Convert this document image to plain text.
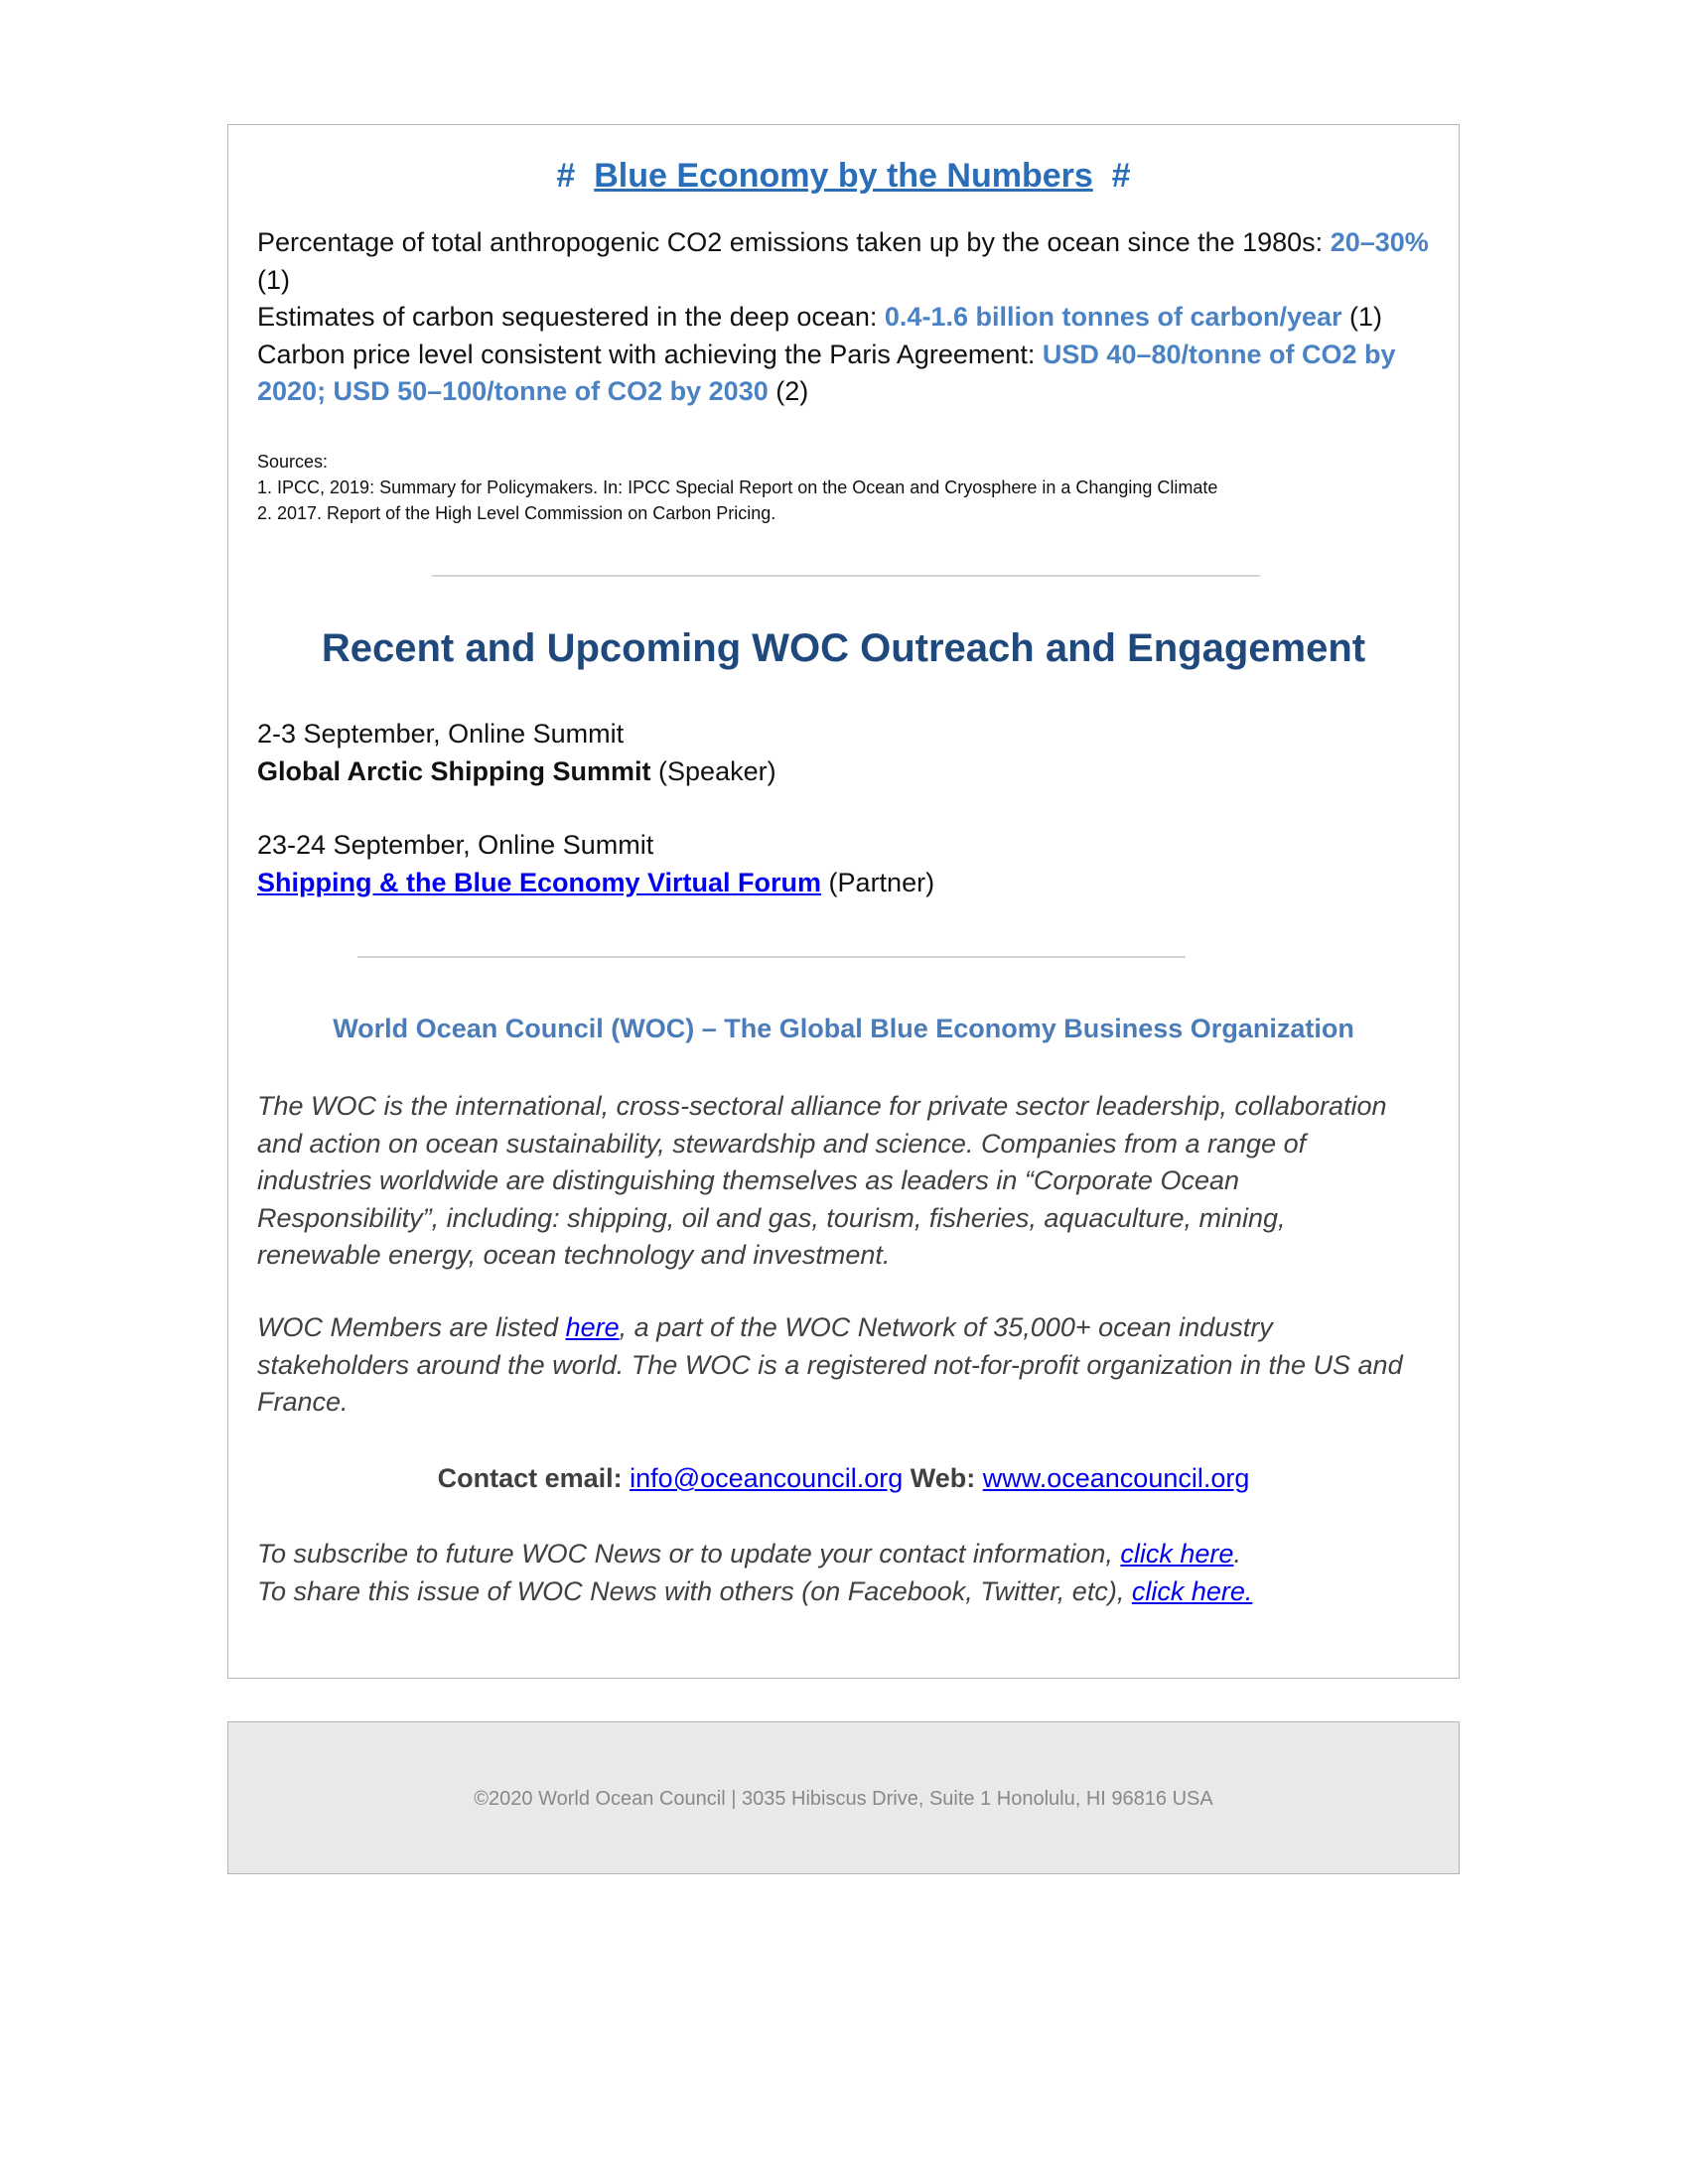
# Blue Economy by the Numbers #
Percentage of total anthropogenic CO2 emissions taken up by the ocean since the 1980s: 20–30% (1)
Estimates of carbon sequestered in the deep ocean: 0.4-1.6 billion tonnes of carbon/year (1)
Carbon price level consistent with achieving the Paris Agreement: USD 40–80/tonne of CO2 by 2020; USD 50–100/tonne of CO2 by 2030 (2)
Sources:
1. IPCC, 2019: Summary for Policymakers. In: IPCC Special Report on the Ocean and Cryosphere in a Changing Climate
2. 2017. Report of the High Level Commission on Carbon Pricing.
Recent and Upcoming WOC Outreach and Engagement
2-3 September, Online Summit
Global Arctic Shipping Summit (Speaker)
23-24 September, Online Summit
Shipping & the Blue Economy Virtual Forum (Partner)
World Ocean Council (WOC) – The Global Blue Economy Business Organization
The WOC is the international, cross-sectoral alliance for private sector leadership, collaboration and action on ocean sustainability, stewardship and science. Companies from a range of industries worldwide are distinguishing themselves as leaders in “Corporate Ocean Responsibility”, including: shipping, oil and gas, tourism, fisheries, aquaculture, mining, renewable energy, ocean technology and investment.
WOC Members are listed here, a part of the WOC Network of 35,000+ ocean industry stakeholders around the world. The WOC is a registered not-for-profit organization in the US and France.
Contact email: info@oceancouncil.org Web: www.oceancouncil.org
To subscribe to future WOC News or to update your contact information, click here.
To share this issue of WOC News with others (on Facebook, Twitter, etc), click here.
©2020 World Ocean Council | 3035 Hibiscus Drive, Suite 1 Honolulu, HI 96816 USA
